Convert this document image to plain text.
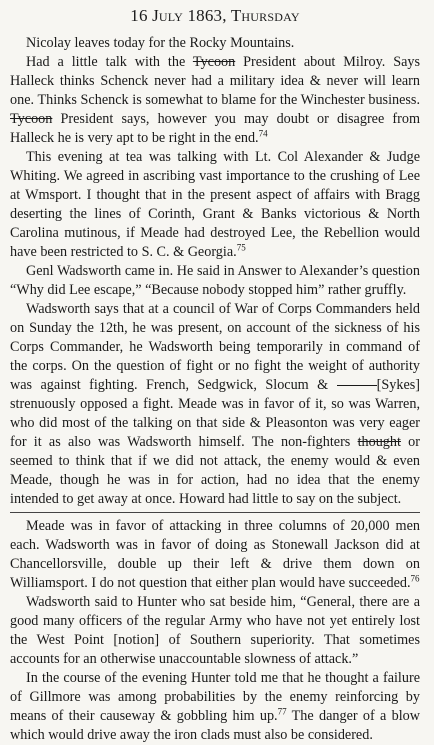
16 July 1863, Thursday

Nicolay leaves today for the Rocky Mountains.

Had a little talk with the Tycoon President about Milroy. Says Halleck thinks Schenck never had a military idea & never will learn one. Thinks Schenck is somewhat to blame for the Winchester business. Tycoon President says, however you may doubt or disagree from Halleck he is very apt to be right in the end.$^{74}$

This evening at tea was talking with Lt. Col Alexander & Judge Whiting. We agreed in ascribing vast importance to the crushing of Lee at Wmsport. I thought that in the present aspect of affairs with Bragg deserting the lines of Corinth, Grant & Banks victorious & North Carolina mutinous, if Meade had destroyed Lee, the Rebellion would have been restricted to S. C. & Georgia.$^{75}$

Genl Wadsworth came in. He said in Answer to Alexander’s question “Why did Lee escape,” “Because nobody stopped him” rather gruffly.

Wadsworth says that at a council of War of Corps Commanders held on Sunday the 12th, he was present, on account of the sickness of his Corps Commander, he Wadsworth being temporarily in command of the corps. On the question of fight or no fight the weight of authority was against fighting. French, Sedgwick, Slocum &	[Sykes] strenuously opposed a fight. Meade was in favor of it, so was Warren, who did most of the talking on that side & Pleasonton was very eager for it as also was Wadsworth himself. The non-fighters thought or seemed to think that if we did not attack, the enemy would & even Meade, though he was in for action, had no idea that the enemy intended to get away at once. Howard had little to say on the subject.

Meade was in favor of attacking in three columns of 20,000 men each. Wadsworth was in favor of doing as Stonewall Jackson did at Chancellorsville, double up their left & drive them down on Williamsport. I do not question that either plan would have succeeded.$^{76}$

Wadsworth said to Hunter who sat beside him, “General, there are a good many officers of the regular Army who have not yet entirely lost the West Point [notion] of Southern superiority. That sometimes accounts for an otherwise unaccountable slowness of attack.”

In the course of the evening Hunter told me that he thought a failure of Gillmore was among probabilities by the enemy reinforcing by means of their causeway & gobbling him up.$^{77}$ The danger of a blow which would drive away the iron clads must also be considered.
